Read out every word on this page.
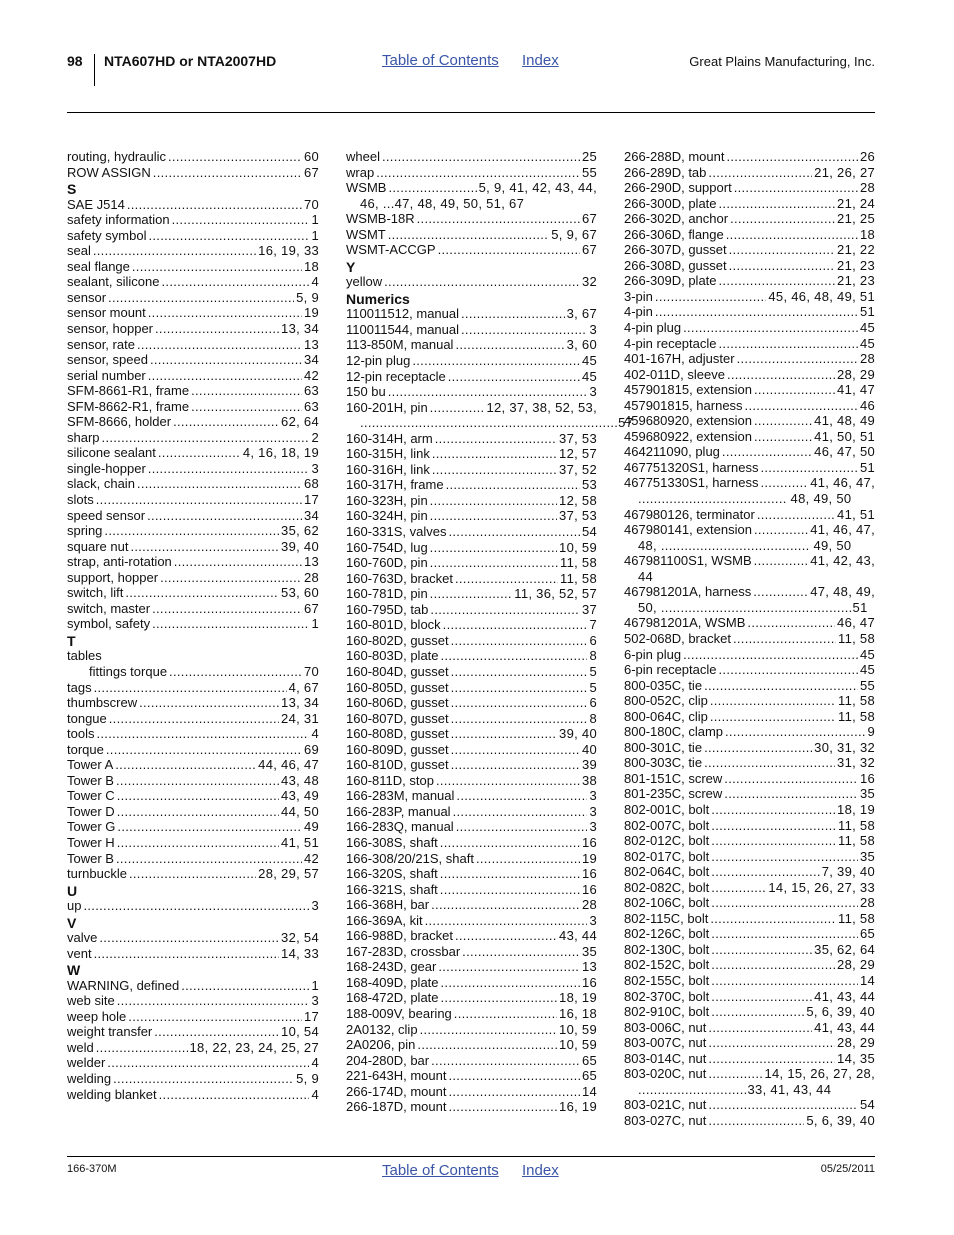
98 NTA607HD or NTA2007HD	Table of Contents Index	Great Plains Manufacturing, Inc.
routing, hydraulic .....	60
ROW ASSIGN .....	67
S
SAE J514 .....	70
safety information .....	1
safety symbol .....	1
seal .....	16, 19, 33
seal flange .....	18
sealant, silicone .....	4
sensor .....	5, 9
sensor mount .....	19
sensor, hopper .....	13, 34
sensor, rate .....	13
sensor, speed .....	34
serial number .....	42
SFM-8661-R1, frame .....	63
SFM-8662-R1, frame .....	63
SFM-8666, holder .....	62, 64
sharp .....	2
silicone sealant .....	4, 16, 18, 19
single-hopper .....	3
slack, chain .....	68
slots .....	17
speed sensor .....	34
spring .....	35, 62
square nut .....	39, 40
strap, anti-rotation .....	13
support, hopper .....	28
switch, lift .....	53, 60
switch, master .....	67
symbol, safety .....	1
T
tables
fittings torque .....	70
tags .....	4, 67
thumbscrew .....	13, 34
tongue .....	24, 31
tools .....	4
torque .....	69
Tower A .....	44, 46, 47
Tower B .....	43, 48
Tower C .....	43, 49
Tower D .....	44, 50
Tower G .....	49
Tower H .....	41, 51
Tower B .....	42
turnbuckle .....	28, 29, 57
U
up .....	3
V
valve .....	32, 54
vent .....	14, 33
W
WARNING, defined .....	1
web site .....	3
weep hole .....	17
weight transfer .....	10, 54
weld .....	18, 22, 23, 24, 25, 27
welder .....	4
welding .....	5, 9
welding blanket .....	4
wheel .....	25
wrap .....	55
WSMB .....	5, 9, 41, 42, 43, 44,
46, ...47, 48, 49, 50, 51, 67
WSMB-18R .....	67
WSMT .....	5, 9, 67
WSMT-ACCGP .....	67
Y
yellow .....	32
Numerics
110011512, manual .....	3, 67
110011544, manual .....	3
113-850M, manual .....	3, 60
12-pin plug .....	45
12-pin receptacle .....	45
150 bu .....	3
160-201H, pin .....	12, 37, 38, 52, 53,
..................................................................57
160-314H, arm .....	37, 53
160-315H, link .....	12, 57
160-316H, link .....	37, 52
160-317H, frame .....	53
160-323H, pin .....	12, 58
160-324H, pin .....	37, 53
160-331S, valves .....	54
160-754D, lug .....	10, 59
160-760D, pin .....	11, 58
160-763D, bracket .....	11, 58
160-781D, pin .....	11, 36, 52, 57
160-795D, tab .....	37
160-801D, block .....	7
160-802D, gusset .....	6
160-803D, plate .....	8
160-804D, gusset .....	5
160-805D, gusset .....	5
160-806D, gusset .....	6
160-807D, gusset .....	8
160-808D, gusset .....	39, 40
160-809D, gusset .....	40
160-810D, gusset .....	39
160-811D, stop .....	38
166-283M, manual .....	3
166-283P, manual .....	3
166-283Q, manual .....	3
166-308S, shaft .....	16
166-308/20/21S, shaft .....	19
166-320S, shaft .....	16
166-321S, shaft .....	16
166-368H, bar .....	28
166-369A, kit .....	3
166-988D, bracket .....	43, 44
167-283D, crossbar .....	35
168-243D, gear .....	13
168-409D, plate .....	16
168-472D, plate .....	18, 19
188-009V, bearing .....	16, 18
2A0132, clip .....	10, 59
2A0206, pin .....	10, 59
204-280D, bar .....	65
221-643H, mount .....	65
266-174D, mount .....	14
266-187D, mount .....	16, 19
266-288D, mount .....	26
266-289D, tab .....	21, 26, 27
266-290D, support .....	28
266-300D, plate .....	21, 24
266-302D, anchor .....	21, 25
266-306D, flange .....	18
266-307D, gusset .....	21, 22
266-308D, gusset .....	21, 23
266-309D, plate .....	21, 23
3-pin .....	45, 46, 48, 49, 51
4-pin .....	51
4-pin plug .....	45
4-pin receptacle .....	45
401-167H, adjuster .....	28
402-011D, sleeve .....	28, 29
457901815, extension .....	41, 47
457901815, harness .....	46
459680920, extension .....	41, 48, 49
459680922, extension .....	41, 50, 51
464211090, plug .....	46, 47, 50
467751320S1, harness .....	51
467751330S1, harness .....	41, 46, 47,
...................................... 48, 49, 50
467980126, terminator .....	41, 51
467980141, extension .....	41, 46, 47,
48, ...................................... 49, 50
467981100S1, WSMB .....	41, 42, 43,
44
467981201A, harness .....	47, 48, 49,
50, .................................................51
467981201A, WSMB .....	46, 47
502-068D, bracket .....	11, 58
6-pin plug .....	45
6-pin receptacle .....	45
800-035C, tie .....	55
800-052C, clip .....	11, 58
800-064C, clip .....	11, 58
800-180C, clamp .....	9
800-301C, tie .....	30, 31, 32
800-303C, tie .....	31, 32
801-151C, screw .....	16
801-235C, screw .....	35
802-001C, bolt .....	18, 19
802-007C, bolt .....	11, 58
802-012C, bolt .....	11, 58
802-017C, bolt .....	35
802-064C, bolt .....	7, 39, 40
802-082C, bolt .....	14, 15, 26, 27, 33
802-106C, bolt .....	28
802-115C, bolt .....	11, 58
802-126C, bolt .....	65
802-130C, bolt .....	35, 62, 64
802-152C, bolt .....	28, 29
802-155C, bolt .....	14
802-370C, bolt .....	41, 43, 44
802-910C, bolt .....	5, 6, 39, 40
803-006C, nut .....	41, 43, 44
803-007C, nut .....	28, 29
803-014C, nut .....	14, 35
803-020C, nut .....	14, 15, 26, 27, 28,
............................33, 41, 43, 44
803-021C, nut .....	54
803-027C, nut .....	5, 6, 39, 40
166-370M	Table of Contents Index	05/25/2011
